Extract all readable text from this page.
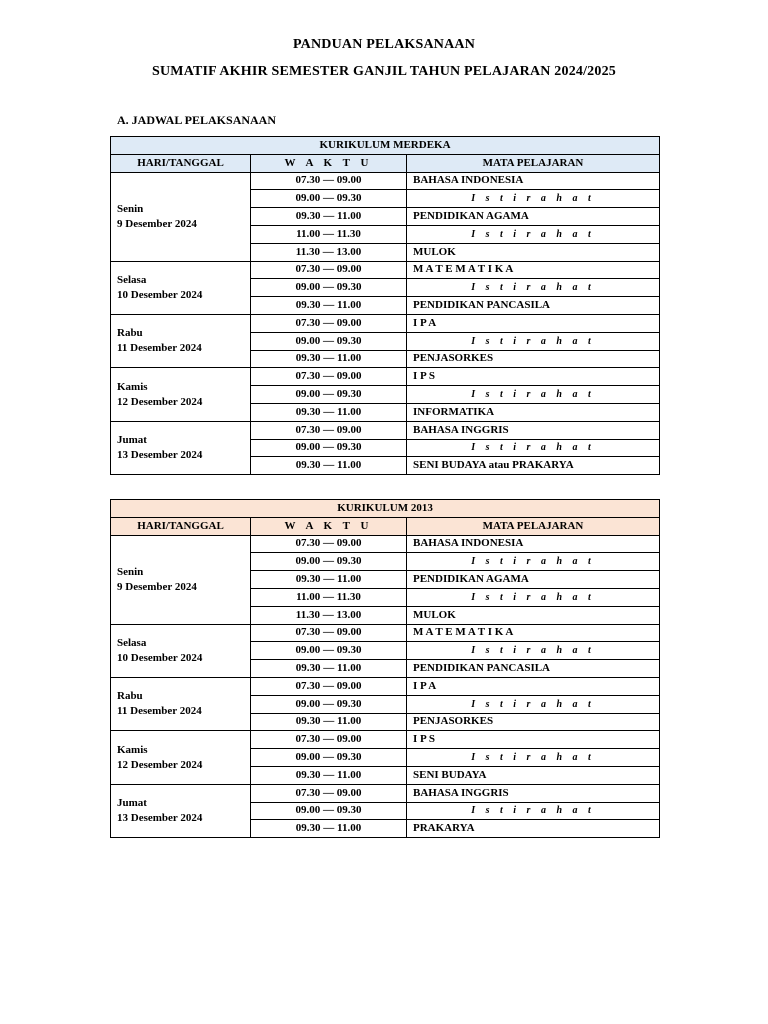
PANDUAN PELAKSANAAN
SUMATIF AKHIR SEMESTER GANJIL TAHUN PELAJARAN 2024/2025
A. JADWAL PELAKSANAAN
KURIKULUM MERDEKA		
HARI/TANGGAL	W A K T U	MATA PELAJARAN
Senin
9 Desember 2024	07.30 — 09.00	BAHASA INDONESIA
	09.00 — 09.30	I s t i r a h a t
	09.30 — 11.00	PENDIDIKAN AGAMA
	11.00 — 11.30	I s t i r a h a t
	11.30 — 13.00	MULOK
Selasa
10 Desember 2024	07.30 — 09.00	M A T E M A T I K A
	09.00 — 09.30	I s t i r a h a t
	09.30 — 11.00	PENDIDIKAN PANCASILA
Rabu
11 Desember 2024	07.30 — 09.00	I P A
	09.00 — 09.30	I s t i r a h a t
	09.30 — 11.00	PENJASORKES
Kamis
12 Desember 2024	07.30 — 09.00	I P S
	09.00 — 09.30	I s t i r a h a t
	09.30 — 11.00	INFORMATIKA
Jumat
13 Desember 2024	07.30 — 09.00	BAHASA INGGRIS
	09.00 — 09.30	I s t i r a h a t
	09.30 — 11.00	SENI BUDAYA atau PRAKARYA
KURIKULUM 2013		
HARI/TANGGAL	W A K T U	MATA PELAJARAN
Senin
9 Desember 2024	07.30 — 09.00	BAHASA INDONESIA
	09.00 — 09.30	I s t i r a h a t
	09.30 — 11.00	PENDIDIKAN AGAMA
	11.00 — 11.30	I s t i r a h a t
	11.30 — 13.00	MULOK
Selasa
10 Desember 2024	07.30 — 09.00	M A T E M A T I K A
	09.00 — 09.30	I s t i r a h a t
	09.30 — 11.00	PENDIDIKAN PANCASILA
Rabu
11 Desember 2024	07.30 — 09.00	I P A
	09.00 — 09.30	I s t i r a h a t
	09.30 — 11.00	PENJASORKES
Kamis
12 Desember 2024	07.30 — 09.00	I P S
	09.00 — 09.30	I s t i r a h a t
	09.30 — 11.00	SENI BUDAYA
Jumat
13 Desember 2024	07.30 — 09.00	BAHASA INGGRIS
	09.00 — 09.30	I s t i r a h a t
	09.30 — 11.00	PRAKARYA
